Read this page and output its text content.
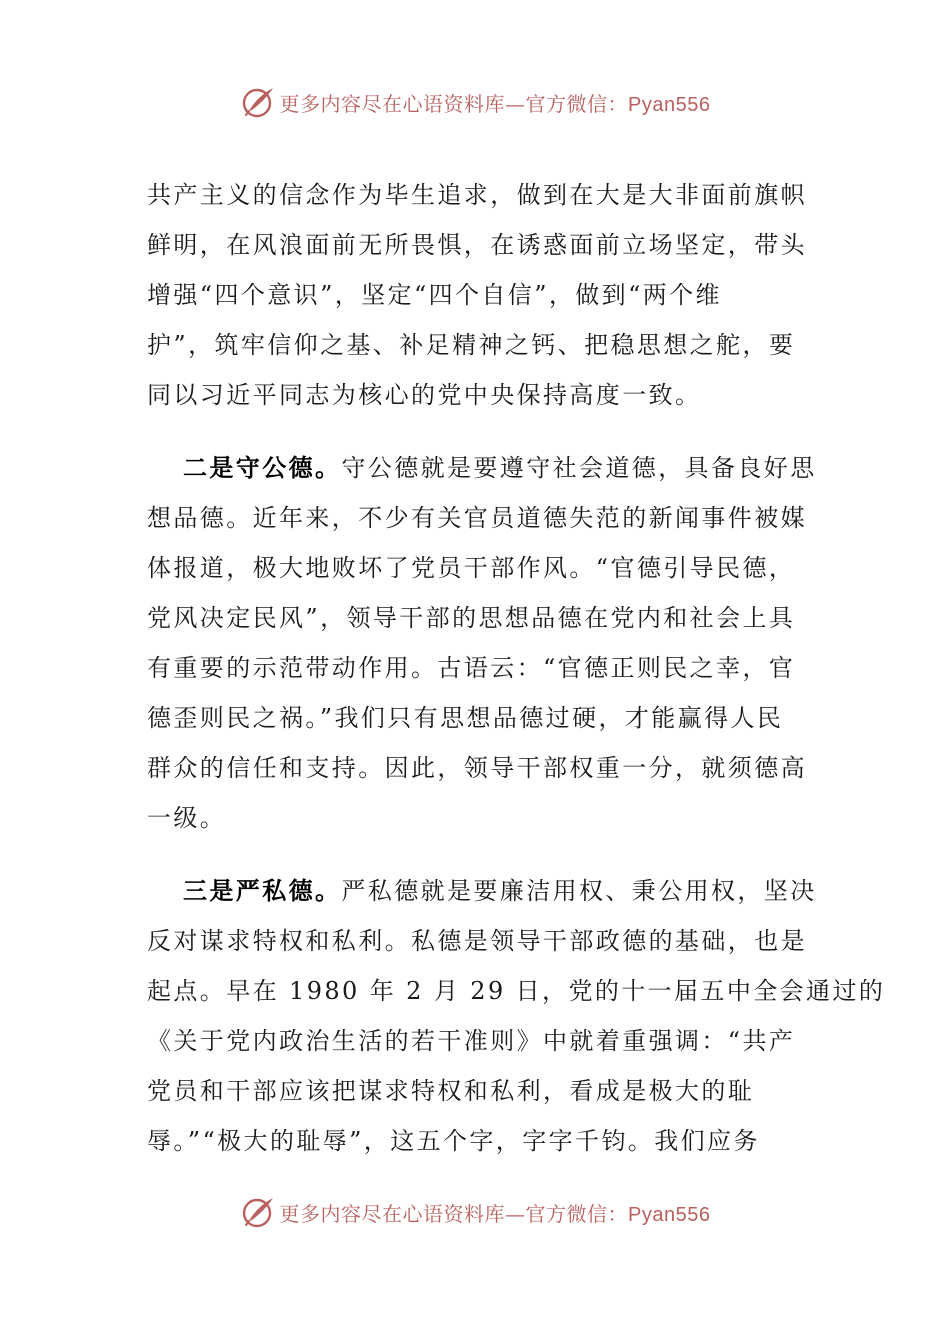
更多内容尽在心语资料库—官方微信：Pyan556
共产主义的信念作为毕生追求，做到在大是大非面前旗帜
鲜明，在风浪面前无所畏惧，在诱惑面前立场坚定，带头
增强“四个意识”，坚定“四个自信”，做到“两个维
护”，筑牢信仰之基、补足精神之钙、把稳思想之舵，要
同以习近平同志为核心的党中央保持高度一致。
二是守公德。守公德就是要遵守社会道德，具备良好思
想品德。近年来，不少有关官员道德失范的新闻事件被媒
体报道，极大地败坏了党员干部作风。“官德引导民德，
党风决定民风”，领导干部的思想品德在党内和社会上具
有重要的示范带动作用。古语云：“官德正则民之幸，官
德歪则民之祸。”我们只有思想品德过硬，才能赢得人民
群众的信任和支持。因此，领导干部权重一分，就须德高
一级。
三是严私德。严私德就是要廉洁用权、秉公用权，坚决
反对谋求特权和私利。私德是领导干部政德的基础，也是
起点。早在 1980 年 2 月 29 日，党的十一届五中全会通过的
《关于党内政治生活的若干准则》中就着重强调：“共产
党员和干部应该把谋求特权和私利，看成是极大的耻
辱。”“极大的耻辱”，这五个字，字字千钧。我们应务
更多内容尽在心语资料库—官方微信：Pyan556
